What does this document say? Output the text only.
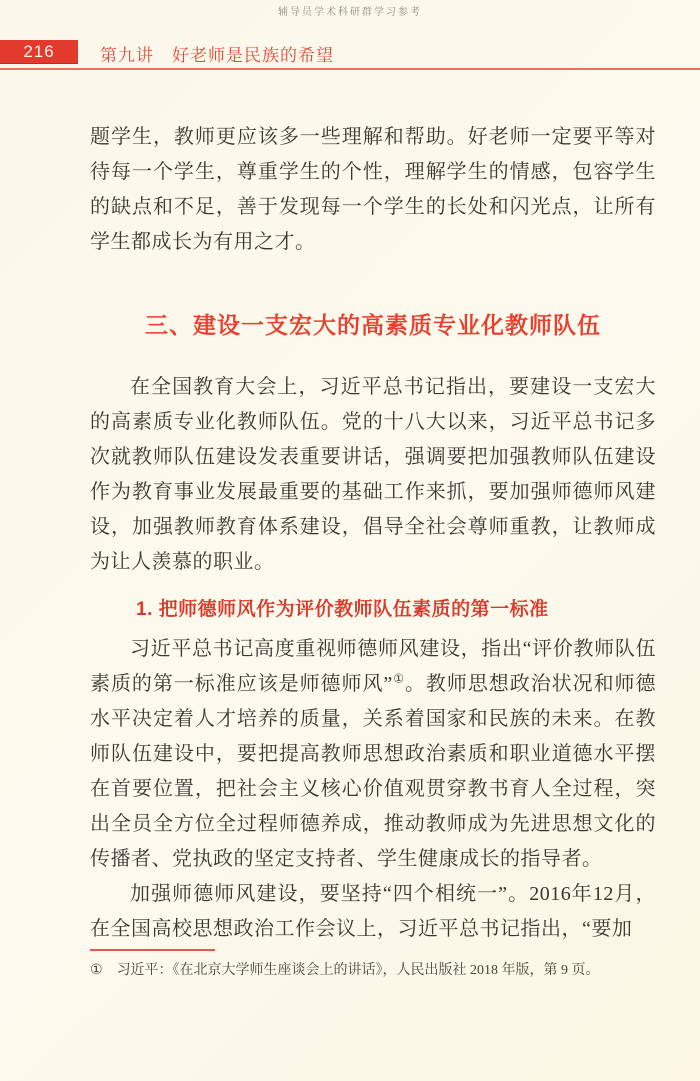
辅导员学术科研群学习参考
216	第九讲　好老师是民族的希望

题学生，教师更应该多一些理解和帮助。好老师一定要平等对待每一个学生，尊重学生的个性，理解学生的情感，包容学生的缺点和不足，善于发现每一个学生的长处和闪光点，让所有学生都成长为有用之才。

三、建设一支宏大的高素质专业化教师队伍

在全国教育大会上，习近平总书记指出，要建设一支宏大的高素质专业化教师队伍。党的十八大以来，习近平总书记多次就教师队伍建设发表重要讲话，强调要把加强教师队伍建设作为教育事业发展最重要的基础工作来抓，要加强师德师风建设，加强教师教育体系建设，倡导全社会尊师重教，让教师成为让人羡慕的职业。

1. 把师德师风作为评价教师队伍素质的第一标准

习近平总书记高度重视师德师风建设，指出“评价教师队伍素质的第一标准应该是师德师风”①。教师思想政治状况和师德水平决定着人才培养的质量，关系着国家和民族的未来。在教师队伍建设中，要把提高教师思想政治素质和职业道德水平摆在首要位置，把社会主义核心价值观贯穿教书育人全过程，突出全员全方位全过程师德养成，推动教师成为先进思想文化的传播者、党执政的坚定支持者、学生健康成长的指导者。

加强师德师风建设，要坚持“四个相统一”。2016年12月，在全国高校思想政治工作会议上，习近平总书记指出，“要加

① 习近平：《在北京大学师生座谈会上的讲话》，人民出版社 2018 年版，第 9 页。
